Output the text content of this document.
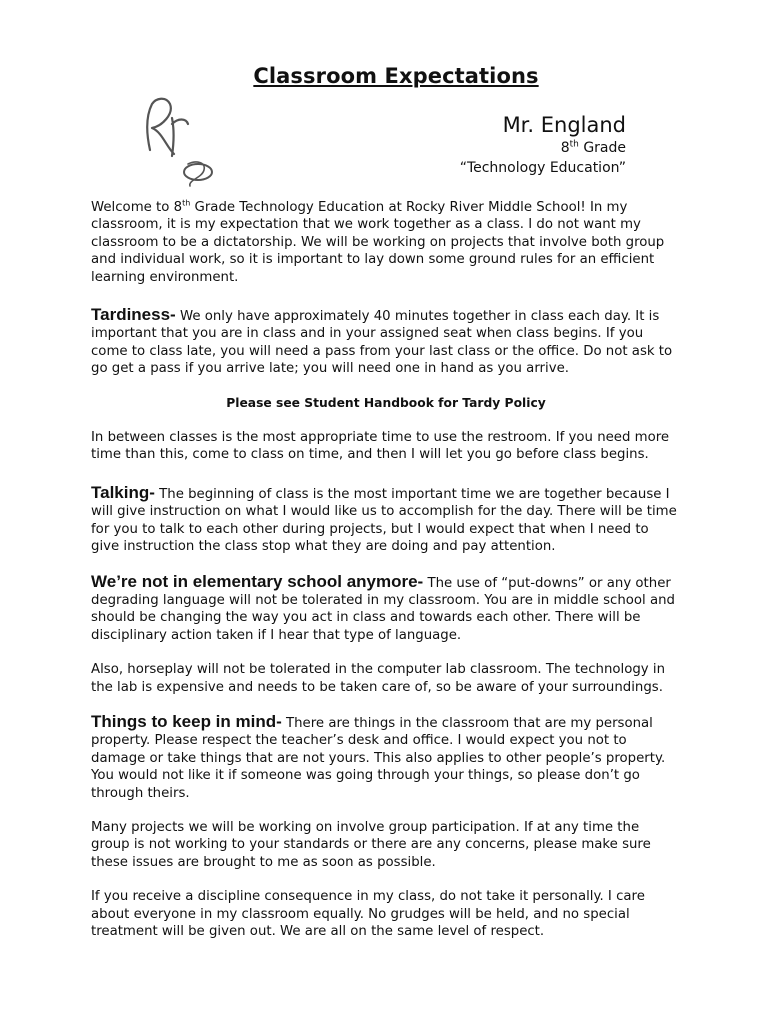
Classroom Expectations
Mr. England
8th Grade
“Technology Education”

Welcome to 8th Grade Technology Education at Rocky River Middle School! In my classroom, it is my expectation that we work together as a class. I do not want my classroom to be a dictatorship. We will be working on projects that involve both group and individual work, so it is important to lay down some ground rules for an efficient learning environment.

Tardiness- We only have approximately 40 minutes together in class each day. It is important that you are in class and in your assigned seat when class begins. If you come to class late, you will need a pass from your last class or the office. Do not ask to go get a pass if you arrive late; you will need one in hand as you arrive.

Please see Student Handbook for Tardy Policy

In between classes is the most appropriate time to use the restroom. If you need more time than this, come to class on time, and then I will let you go before class begins.

Talking- The beginning of class is the most important time we are together because I will give instruction on what I would like us to accomplish for the day. There will be time for you to talk to each other during projects, but I would expect that when I need to give instruction the class stop what they are doing and pay attention.

We’re not in elementary school anymore- The use of “put-downs” or any other degrading language will not be tolerated in my classroom. You are in middle school and should be changing the way you act in class and towards each other. There will be disciplinary action taken if I hear that type of language.

Also, horseplay will not be tolerated in the computer lab classroom. The technology in the lab is expensive and needs to be taken care of, so be aware of your surroundings.

Things to keep in mind- There are things in the classroom that are my personal property. Please respect the teacher’s desk and office. I would expect you not to damage or take things that are not yours. This also applies to other people’s property. You would not like it if someone was going through your things, so please don’t go through theirs.

Many projects we will be working on involve group participation. If at any time the group is not working to your standards or there are any concerns, please make sure these issues are brought to me as soon as possible.

If you receive a discipline consequence in my class, do not take it personally. I care about everyone in my classroom equally. No grudges will be held, and no special treatment will be given out. We are all on the same level of respect.
